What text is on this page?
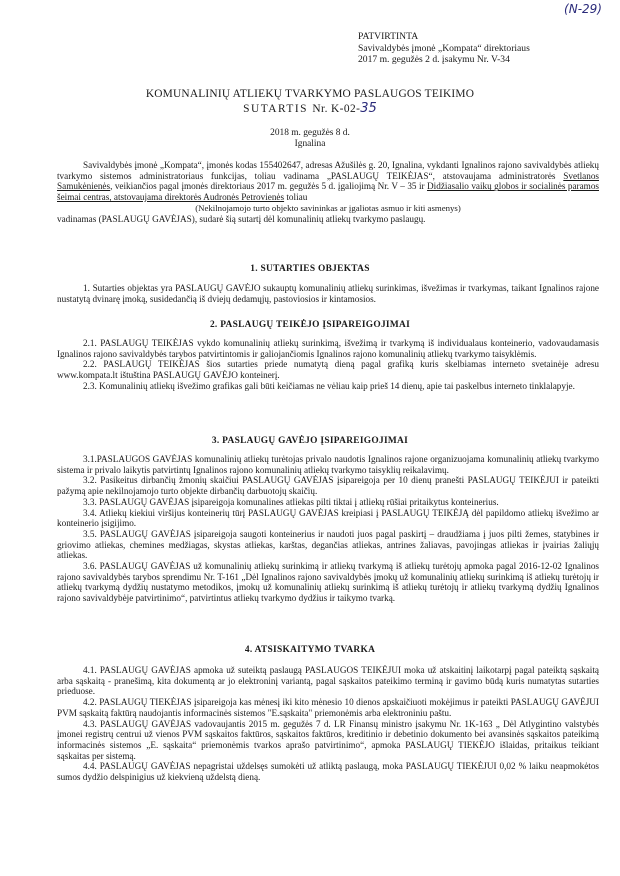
(N-29)
PATVIRTINTA
Savivaldybės įmonė „Kompata“ direktoriaus
2017 m. gegužės 2 d. įsakymu Nr. V-34
KOMUNALINIŲ ATLIEKŲ TVARKYMO PASLAUGOS TEIKIMO
SUTARTIS Nr. K-02-35
2018 m. gegužės 8 d.
Ignalina

Savivaldybės įmonė „Kompata“, įmonės kodas 155402647, adresas Ažušilės g. 20, Ignalina, vykdanti Ignalinos rajono savivaldybės atliekų tvarkymo sistemos administratoriaus funkcijas, toliau vadinama „PASLAUGŲ TEIKĖJAS“, atstovaujama administratorės Svetlanos Samukėnienės, veikiančios pagal įmonės direktoriaus 2017 m. gegužės 5 d. įgaliojimą Nr. V – 35 ir Didžiasalio vaikų globos ir socialinės paramos šeimai centras, atstovaujama direktorės Audronės Petrovienės toliau
(Nekilnojamojo turto objekto savininkas ar įgaliotas asmuo ir kiti asmenys)
vadinamas (PASLAUGŲ GAVĖJAS), sudarė šią sutartį dėl komunalinių atliekų tvarkymo paslaugų.

1. SUTARTIES OBJEKTAS

1. Sutarties objektas yra PASLAUGŲ GAVĖJO sukauptų komunalinių atliekų surinkimas, išvežimas ir tvarkymas, taikant Ignalinos rajone nustatytą dvinarę įmoką, susidedančią iš dviejų dedamųjų, pastoviosios ir kintamosios.

2. PASLAUGŲ TEIKĖJO ĮSIPAREIGOJIMAI

2.1. PASLAUGŲ TEIKĖJAS vykdo komunalinių atliekų surinkimą, išvežimą ir tvarkymą iš individualaus konteinerio, vadovaudamasis Ignalinos rajono savivaldybės tarybos patvirtintomis ir galiojančiomis Ignalinos rajono komunalinių atliekų tvarkymo taisyklėmis.

2.2. PASLAUGŲ TEIKĖJAS šios sutarties priede numatytą dieną pagal grafiką kuris skelbiamas interneto svetainėje adresu www.kompata.lt ištuština PASLAUGŲ GAVĖJO konteinerį.

2.3. Komunalinių atliekų išvežimo grafikas gali būti keičiamas ne vėliau kaip prieš 14 dienų, apie tai paskelbus interneto tinklalapyje.

3. PASLAUGŲ GAVĖJO ĮSIPAREIGOJIMAI

3.1.PASLAUGOS GAVĖJAS komunalinių atliekų turėtojas privalo naudotis Ignalinos rajone organizuojama komunalinių atliekų tvarkymo sistema ir privalo laikytis patvirtintų Ignalinos rajono komunalinių atliekų tvarkymo taisyklių reikalavimų.

3.2. Pasikeitus dirbančių žmonių skaičiui PASLAUGŲ GAVĖJAS įsipareigoja per 10 dienų pranešti PASLAUGŲ TEIKĖJUI ir pateikti pažymą apie nekilnojamojo turto objekte dirbančių darbuotojų skaičių.

3.3. PASLAUGŲ GAVĖJAS įsipareigoja komunalines atliekas pilti tiktai į atliekų rūšiai pritaikytus konteinerius.

3.4. Atliekų kiekiui viršijus konteinerių tūrį PASLAUGŲ GAVĖJAS kreipiasi į PASLAUGŲ TEIKĖJĄ dėl papildomo atliekų išvežimo ar konteinerio įsigijimo.

3.5. PASLAUGŲ GAVĖJAS įsipareigoja saugoti konteinerius ir naudoti juos pagal paskirtį – draudžiama į juos pilti žemes, statybines ir griovimo atliekas, chemines medžiagas, skystas atliekas, karštas, degančias atliekas, antrines žaliavas, pavojingas atliekas ir įvairias žaliųjų atliekas.

3.6. PASLAUGŲ GAVĖJAS už komunalinių atliekų surinkimą ir atliekų tvarkymą iš atliekų turėtojų apmoka pagal 2016-12-02 Ignalinos rajono savivaldybės tarybos sprendimu Nr. T-161 „Dėl Ignalinos rajono savivaldybės įmokų už komunalinių atliekų surinkimą iš atliekų turėtojų ir atliekų tvarkymą dydžių nustatymo metodikos, įmokų už komunalinių atliekų surinkimą iš atliekų turėtojų ir atliekų tvarkymą dydžių Ignalinos rajono savivaldybėje patvirtinimo“, patvirtintus atliekų tvarkymo dydžius ir taikymo tvarką.

4. ATSISKAITYMO TVARKA

4.1. PASLAUGŲ GAVĖJAS apmoka už suteiktą paslaugą PASLAUGOS TEIKĖJUI moka už atskaitinį laikotarpį pagal pateiktą sąskaitą arba sąskaitą - pranešimą, kita dokumentą ar jo elektroninį variantą, pagal sąskaitos pateikimo terminą ir gavimo būdą kuris numatytas sutarties prieduose.

4.2. PASLAUGŲ TIEKĖJAS įsipareigoja kas mėnesį iki kito mėnesio 10 dienos apskaičiuoti mokėjimus ir pateikti PASLAUGŲ GAVĖJUI PVM sąskaitą faktūrą naudojantis informacinės sistemos "E.sąskaita" priemonėmis arba elektroniniu paštu.

4.3. PASLAUGŲ GAVĖJAS vadovaujantis 2015 m. gegužės 7 d. LR Finansų ministro įsakymu Nr. 1K-163 „ Dėl Atlygintino valstybės įmonei registrų centrui už vienos PVM sąskaitos faktūros, sąskaitos faktūros, kreditinio ir debetinio dokumento bei avansinės sąskaitos pateikimą informacinės sistemos „E. sąskaita“ priemonėmis tvarkos aprašo patvirtinimo“, apmoka PASLAUGŲ TIEKĖJO išlaidas, pritaikus teikiant sąskaitas per sistemą.

4.4. PASLAUGŲ GAVĖJAS nepagristai uždelsęs sumokėti už atliktą paslaugą, moka PASLAUGŲ TIEKĖJUI 0,02 % laiku neapmokėtos sumos dydžio delspinigius už kiekvieną uždelstą dieną.
